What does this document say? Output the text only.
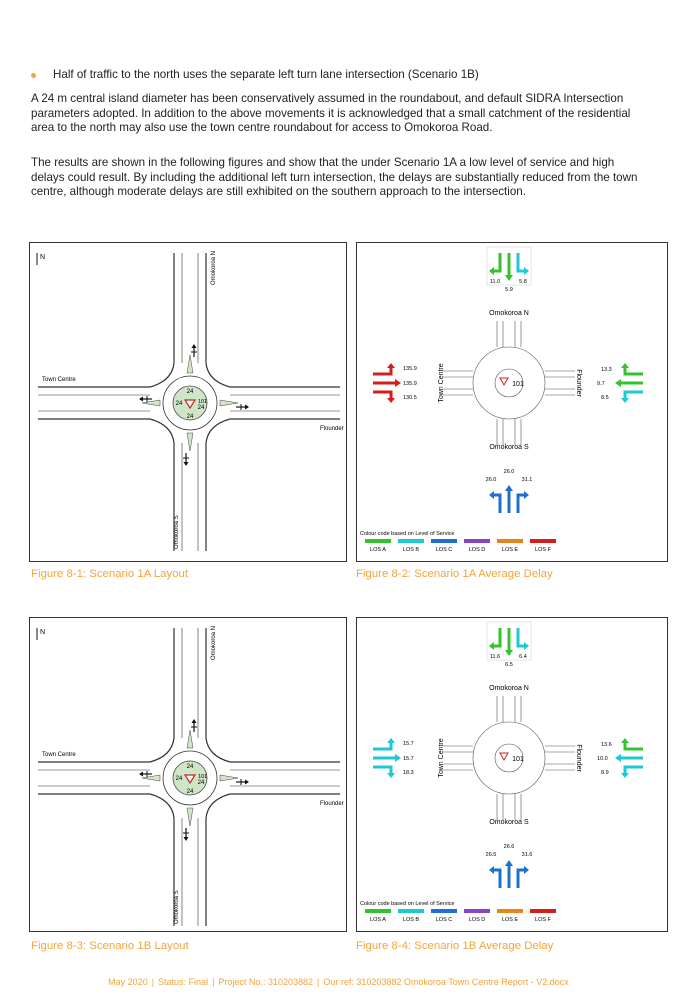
Half of traffic to the north uses the separate left turn lane intersection (Scenario 1B)

A 24 m central island diameter has been conservatively assumed in the roundabout, and default SIDRA Intersection parameters adopted. In addition to the above movements it is acknowledged that a small catchment of the residential area to the north may also use the town centre roundabout for access to Omokoroa Road.

The results are shown in the following figures and show that the under Scenario 1A a low level of service and high delays could result. By including the additional left turn intersection, the delays are substantially reduced from the town centre, although moderate delays are still exhibited on the southern approach to the intersection.

24
24
24
24
101
N	Omokoroa N
Omokoroa S
Town Centre
Flounder
101
Omokoroa N
Omokoroa S
Town Centre	Flounder
11.0
5.9
5.8
135.9
135.9
130.5
13.3
9.7
8.5
26.0
26.0
31.1
Colour code based on Level of Service
LOS A	LOS B	LOS C	LOS D	LOS E	LOS F
Figure 8-1: Scenario 1A Layout	Figure 8-2: Scenario 1A Average Delay
24
24
24
24
101
N	Omokoroa N
Omokoroa S
Town Centre
Flounder
101
Omokoroa N
Omokoroa S
Town Centre	Flounder
11.6
6.5
6.4
15.7
15.7
18.3
13.6
10.0
8.9
26.5
26.6
31.6
Colour code based on Level of Service
LOS A	LOS B	LOS C	LOS D	LOS E	LOS F
Figure 8-3: Scenario 1B Layout	Figure 8-4: Scenario 1B Average Delay
May 2020 | Status: Final | Project No.: 310203882 | Our ref: 310203882 Omokoroa Town Centre Report - V2.docx
